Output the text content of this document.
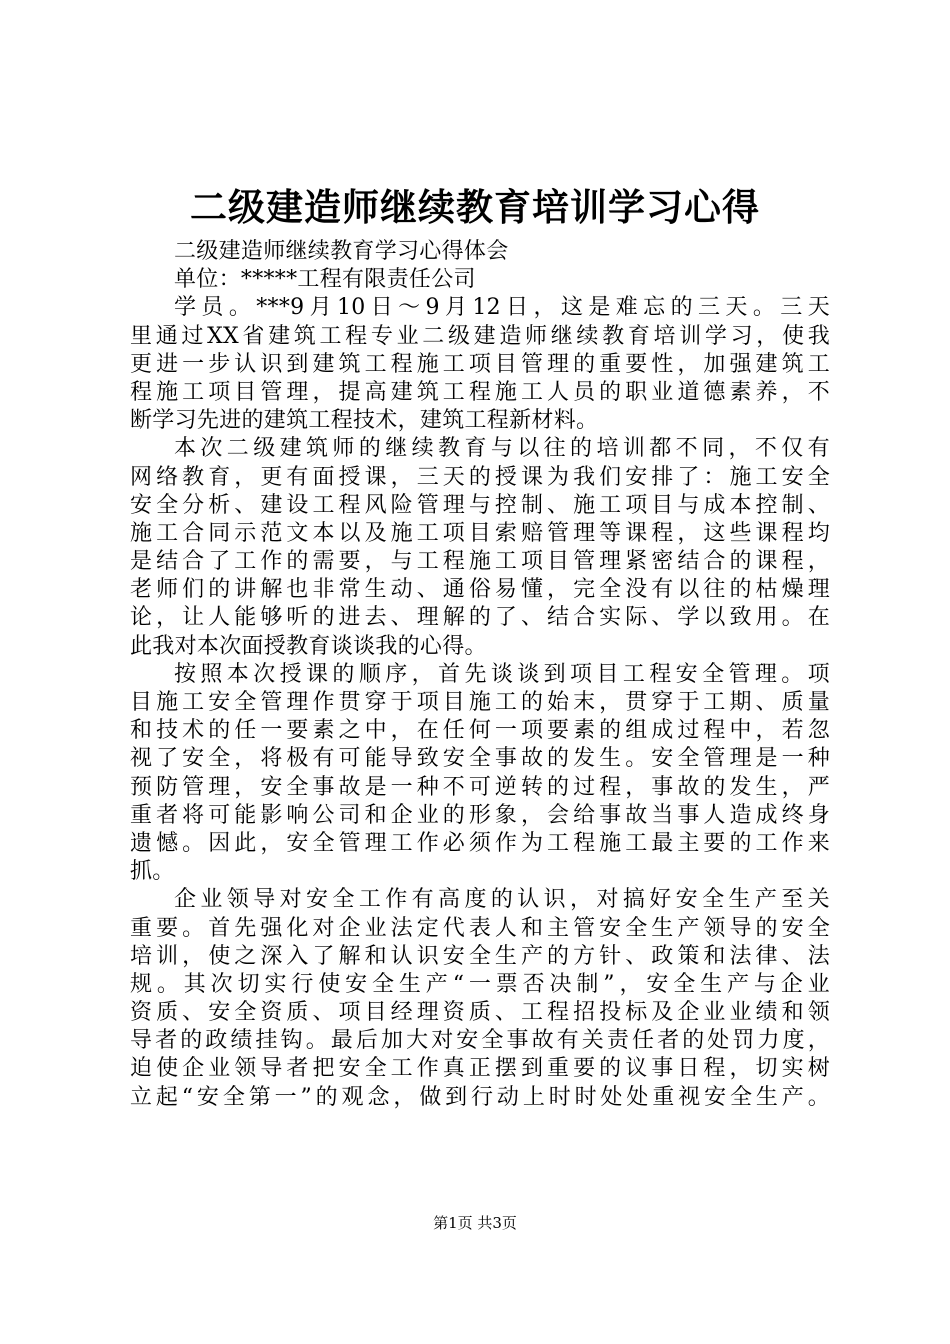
二级建造师继续教育培训学习心得
二级建造师继续教育学习心得体会
单位：*****工程有限责任公司
学员。***9月10日～9月12日，这是难忘的三天。三天
里通过XX省建筑工程专业二级建造师继续教育培训学习，使我
更进一步认识到建筑工程施工项目管理的重要性，加强建筑工
程施工项目管理，提高建筑工程施工人员的职业道德素养，不
断学习先进的建筑工程技术，建筑工程新材料。
本次二级建筑师的继续教育与以往的培训都不同，不仅有
网络教育，更有面授课，三天的授课为我们安排了：施工安全
安全分析、建设工程风险管理与控制、施工项目与成本控制、
施工合同示范文本以及施工项目索赔管理等课程，这些课程均
是结合了工作的需要，与工程施工项目管理紧密结合的课程，
老师们的讲解也非常生动、通俗易懂，完全没有以往的枯燥理
论，让人能够听的进去、理解的了、结合实际、学以致用。在
此我对本次面授教育谈谈我的心得。
按照本次授课的顺序，首先谈谈到项目工程安全管理。项
目施工安全管理作贯穿于项目施工的始末，贯穿于工期、质量
和技术的任一要素之中，在任何一项要素的组成过程中，若忽
视了安全，将极有可能导致安全事故的发生。安全管理是一种
预防管理，安全事故是一种不可逆转的过程，事故的发生，严
重者将可能影响公司和企业的形象，会给事故当事人造成终身
遗憾。因此，安全管理工作必须作为工程施工最主要的工作来
抓。
企业领导对安全工作有高度的认识，对搞好安全生产至关
重要。首先强化对企业法定代表人和主管安全生产领导的安全
培训，使之深入了解和认识安全生产的方针、政策和法律、法
规。其次切实行使安全生产“一票否决制”，安全生产与企业
资质、安全资质、项目经理资质、工程招投标及企业业绩和领
导者的政绩挂钩。最后加大对安全事故有关责任者的处罚力度，
迫使企业领导者把安全工作真正摆到重要的议事日程，切实树
立起“安全第一”的观念，做到行动上时时处处重视安全生产。
第1页 共3页
